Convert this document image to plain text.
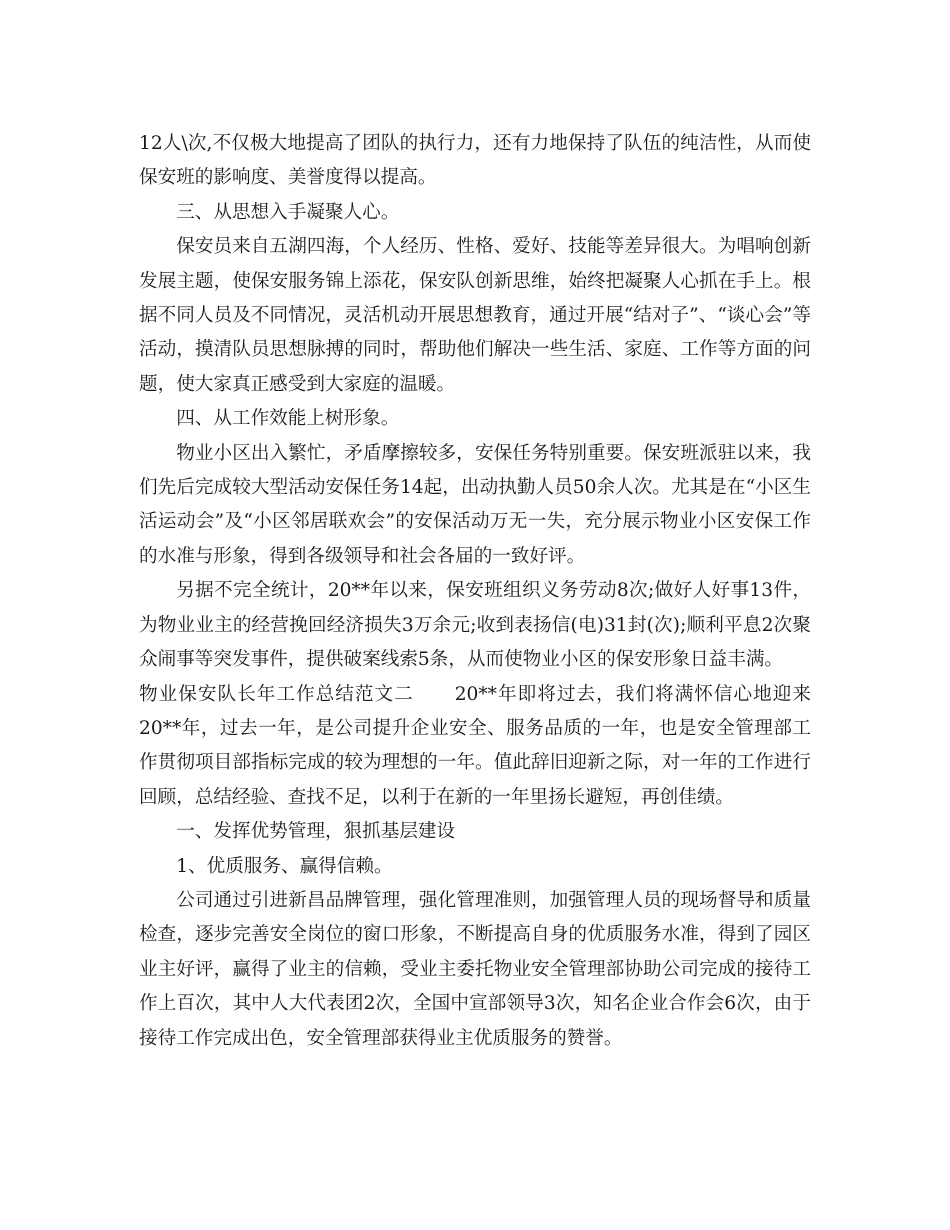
12人\次,不仅极大地提高了团队的执行力，还有力地保持了队伍的纯洁性，从而使保安班的影响度、美誉度得以提高。

三、从思想入手凝聚人心。

保安员来自五湖四海，个人经历、性格、爱好、技能等差异很大。为唱响创新发展主题，使保安服务锦上添花，保安队创新思维，始终把凝聚人心抓在手上。根据不同人员及不同情况，灵活机动开展思想教育，通过开展“结对子”、“谈心会”等活动，摸清队员思想脉搏的同时，帮助他们解决一些生活、家庭、工作等方面的问题，使大家真正感受到大家庭的温暖。

四、从工作效能上树形象。

物业小区出入繁忙，矛盾摩擦较多，安保任务特别重要。保安班派驻以来，我们先后完成较大型活动安保任务14起，出动执勤人员50余人次。尤其是在“小区生活运动会”及“小区邻居联欢会”的安保活动万无一失，充分展示物业小区安保工作的水准与形象，得到各级领导和社会各届的一致好评。

另据不完全统计，20**年以来，保安班组织义务劳动8次;做好人好事13件，为物业业主的经营挽回经济损失3万余元;收到表扬信(电)31封(次);顺利平息2次聚众闹事等突发事件，提供破案线索5条，从而使物业小区的保安形象日益丰满。

物业保安队长年工作总结范文二 20**年即将过去，我们将满怀信心地迎来20**年，过去一年，是公司提升企业安全、服务品质的一年，也是安全管理部工作贯彻项目部指标完成的较为理想的一年。值此辞旧迎新之际，对一年的工作进行回顾，总结经验、查找不足，以利于在新的一年里扬长避短，再创佳绩。

一、发挥优势管理，狠抓基层建设

1、优质服务、赢得信赖。

公司通过引进新昌品牌管理，强化管理准则，加强管理人员的现场督导和质量检查，逐步完善安全岗位的窗口形象，不断提高自身的优质服务水准，得到了园区业主好评，赢得了业主的信赖，受业主委托物业安全管理部协助公司完成的接待工作上百次，其中人大代表团2次，全国中宣部领导3次，知名企业合作会6次，由于接待工作完成出色，安全管理部获得业主优质服务的赞誉。
